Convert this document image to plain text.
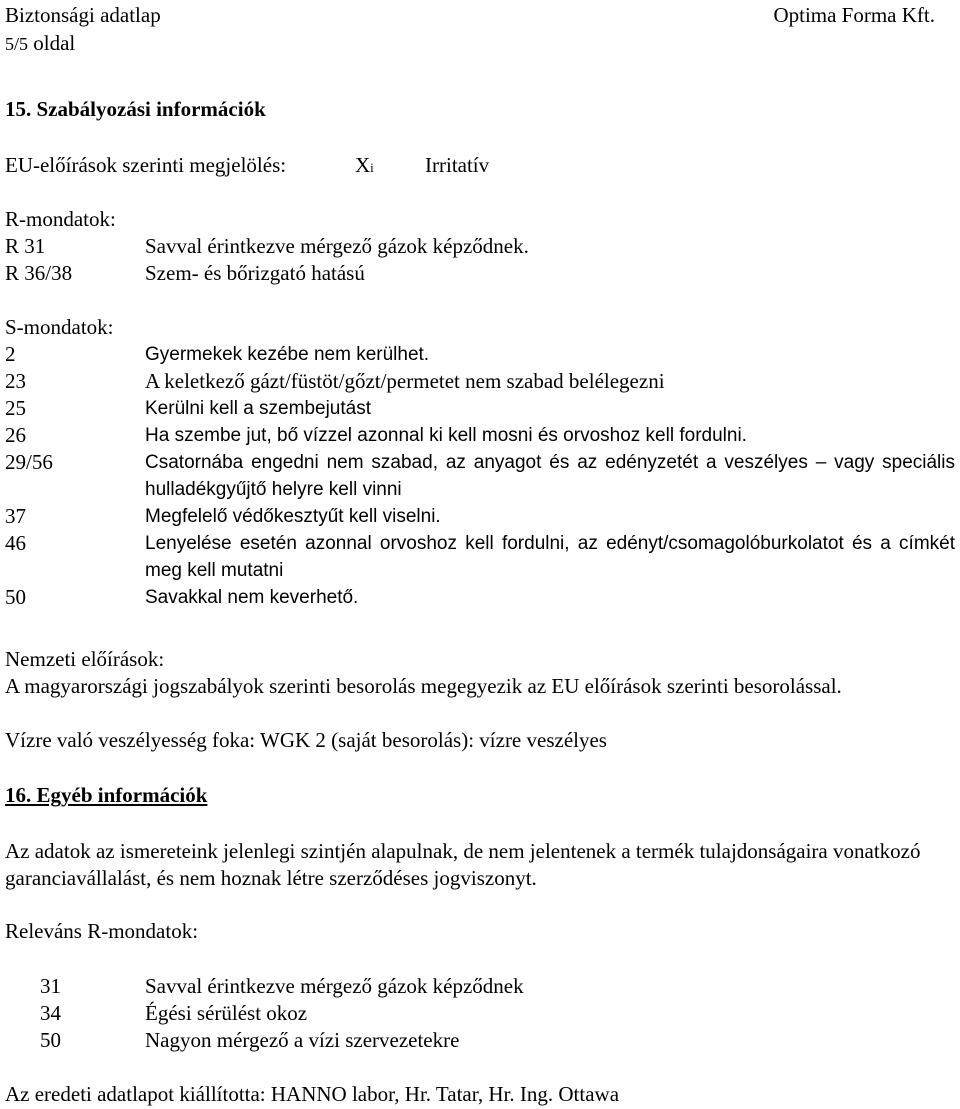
Biztonsági adatlap	Optima Forma Kft.
5/5 oldal
15. Szabályozási információk
EU-előírások szerinti megjelölés:	Xi Irritatív
R-mondatok:
R 31	Savval érintkezve mérgező gázok képződnek.
R 36/38	Szem- és bőrizgató hatású
S-mondatok:
2	Gyermekek kezébe nem kerülhet.
23	A keletkező gázt/füstöt/gőzt/permetet nem szabad belélegezni
25	Kerülni kell a szembejutást
26	Ha szembe jut, bő vízzel azonnal ki kell mosni és orvoshoz kell fordulni.
29/56	Csatornába engedni nem szabad, az anyagot és az edényzetét a veszélyes – vagy speciális hulladékgyűjtő helyre kell vinni
37	Megfelelő védőkesztyűt kell viselni.
46	Lenyelése esetén azonnal orvoshoz kell fordulni, az edényt/csomagolóburkolatot és a címkét meg kell mutatni
50	Savakkal nem keverhető.
Nemzeti előírások:
A magyarországi jogszabályok szerinti besorolás megegyezik az EU előírások szerinti besorolással.
Vízre való veszélyesség foka: WGK 2 (saját besorolás): vízre veszélyes
16. Egyéb információk
Az adatok az ismereteink jelenlegi szintjén alapulnak, de nem jelentenek a termék tulajdonságaira vonatkozó garanciavállalást, és nem hoznak létre szerződéses jogviszonyt.
Releváns R-mondatok:
31	Savval érintkezve mérgező gázok képződnek
34	Égési sérülést okoz
50	Nagyon mérgező a vízi szervezetekre
Az eredeti adatlapot kiállította: HANNO labor, Hr. Tatar, Hr. Ing. Ottawa
